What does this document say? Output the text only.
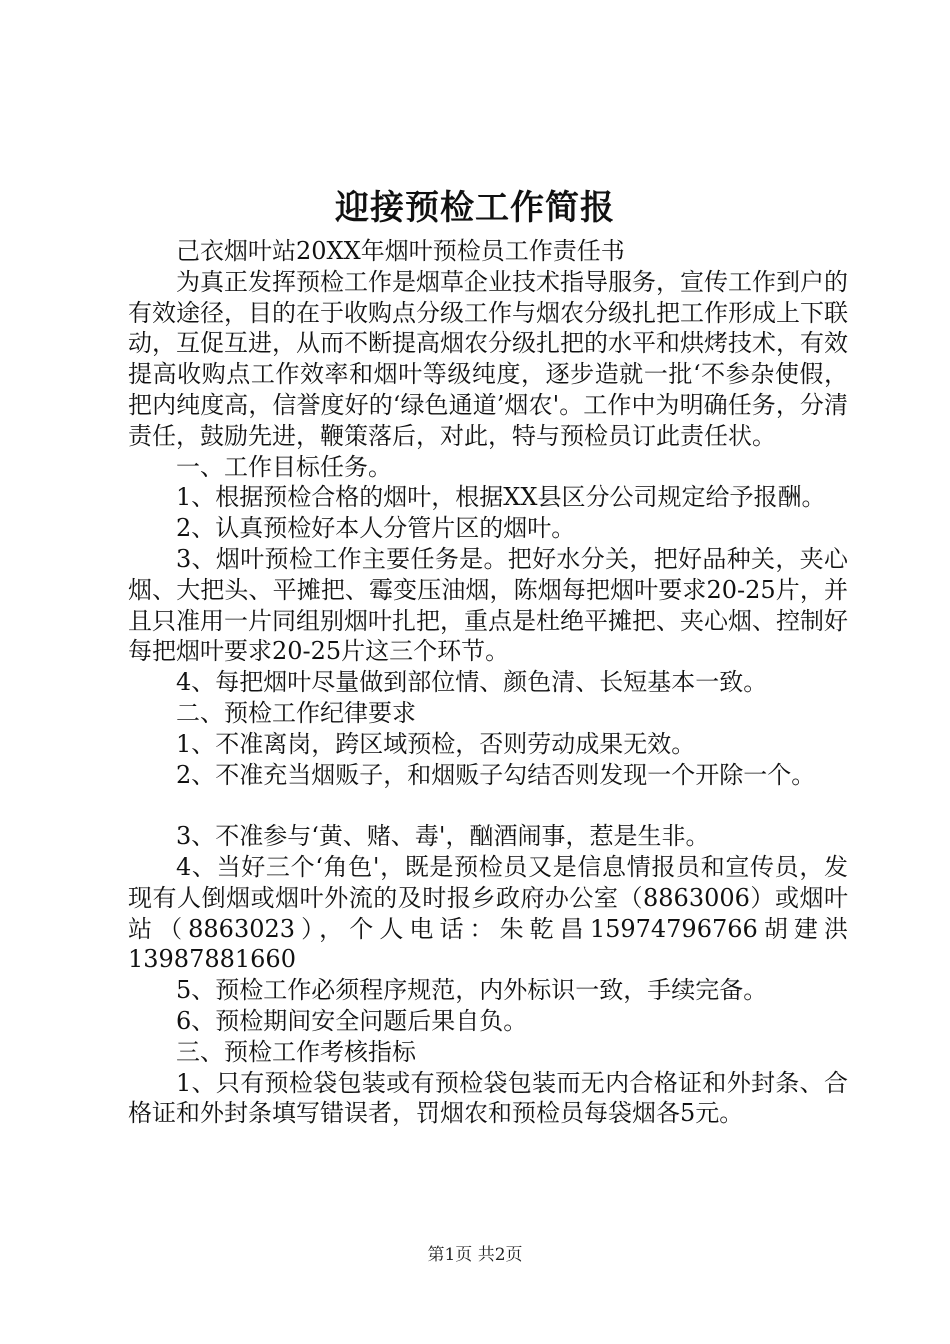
迎接预检工作简报

己衣烟叶站20XX年烟叶预检员工作责任书

为真正发挥预检工作是烟草企业技术指导服务，宣传工作到户的有效途径，目的在于收购点分级工作与烟农分级扎把工作形成上下联动，互促互进，从而不断提高烟农分级扎把的水平和烘烤技术，有效提高收购点工作效率和烟叶等级纯度，逐步造就一批‘不参杂使假，把内纯度高，信誉度好的‘绿色通道’烟农'。工作中为明确任务，分清责任，鼓励先进，鞭策落后，对此，特与预检员订此责任状。

一、工作目标任务。

1、根据预检合格的烟叶，根据XX县区分公司规定给予报酬。

2、认真预检好本人分管片区的烟叶。

3、烟叶预检工作主要任务是。把好水分关，把好品种关，夹心烟、大把头、平摊把、霉变压油烟，陈烟每把烟叶要求20-25片，并且只准用一片同组别烟叶扎把，重点是杜绝平摊把、夹心烟、控制好每把烟叶要求20-25片这三个环节。

4、每把烟叶尽量做到部位情、颜色清、长短基本一致。

二、预检工作纪律要求

1、不准离岗，跨区域预检，否则劳动成果无效。

2、不准充当烟贩子，和烟贩子勾结否则发现一个开除一个。

3、不准参与‘黄、赌、毒'，酗酒闹事，惹是生非。

4、当好三个‘角色'，既是预检员又是信息情报员和宣传员，发现有人倒烟或烟叶外流的及时报乡政府办公室（8863006）或烟叶站（8863023），个人电话：朱乾昌15974796766胡建洪13987881660

5、预检工作必须程序规范，内外标识一致，手续完备。

6、预检期间安全问题后果自负。

三、预检工作考核指标

1、只有预检袋包装或有预检袋包装而无内合格证和外封条、合格证和外封条填写错误者，罚烟农和预检员每袋烟各5元。

第1页 共2页
